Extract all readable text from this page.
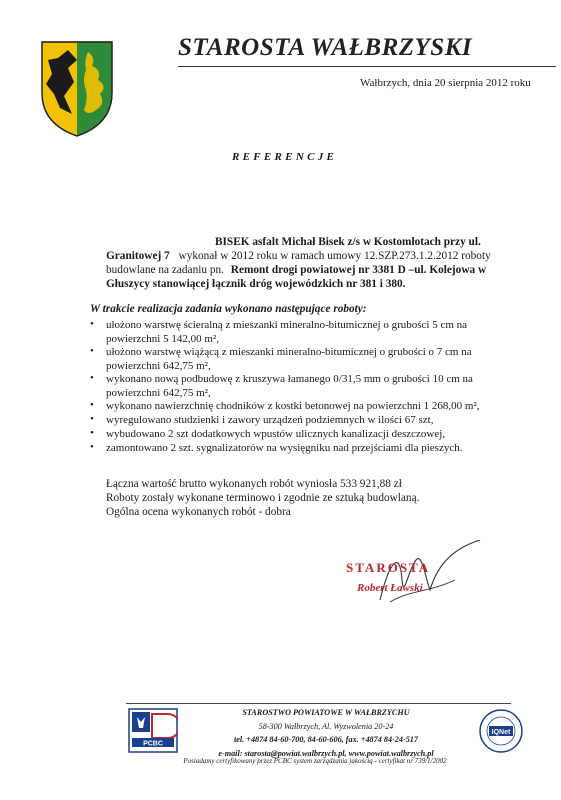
STAROSTA WAŁBRZYSKI
Wałbrzych, dnia 20 sierpnia 2012 roku
REFERENCJE
BISEK asfalt Michał Bisek z/s w Kostomłotach przy ul.
Granitowej 7 wykonał w 2012 roku w ramach umowy 12.SZP.273.1.2.2012 roboty
budowlane na zadaniu pn. Remont drogi powiatowej nr 3381 D –ul. Kolejowa w
Głuszycy stanowiącej łącznik dróg wojewódzkich nr 381 i 380.
W trakcie realizacja zadania wykonano następujące roboty:
• ułożono warstwę ścieralną z mieszanki mineralno-bitumicznej o grubości 5 cm na
powierzchni 5 142,00 m²,
• ułożono warstwę wiążącą z mieszanki mineralno-bitumicznej o grubości o 7 cm na
powierzchni 642,75 m²,
• wykonano nową podbudowę z kruszywa łamanego 0/31,5 mm o grubości 10 cm na
powierzchni 642,75 m²,
• wykonano nawierzchnię chodników z kostki betonowej na powierzchni 1 268,00 m²,
• wyregulowano studzienki i zawory urządzeń podziemnych w ilości 67 szt,
• wybudowano 2 szt dodatkowych wpustów ulicznych kanalizacji deszczowej,
• zamontowano 2 szt. sygnalizatorów na wysięgniku nad przejściami dla pieszych.
Łączna wartość brutto wykonanych robót wyniosła 533 921,88 zł
Roboty zostały wykonane terminowo i zgodnie ze sztuką budowlaną.
Ogólna ocena wykonanych robót - dobra
STAROSTA
Robert Ławski
PCBC
STAROSTWO POWIATOWE W WAŁBRZYCHU
58-300 Wałbrzych, Al. Wyzwolenia 20-24
tel. +4874 84-60-700, 84-60-606, fax. +4874 84-24-517
e-mail: starosta@powiat.walbrzych.pl, www.powiat.walbrzych.pl
IQNet
Posiadamy certyfikowany przez PCBC system zarządzania jakością - certyfikat nr 739/1/2002
